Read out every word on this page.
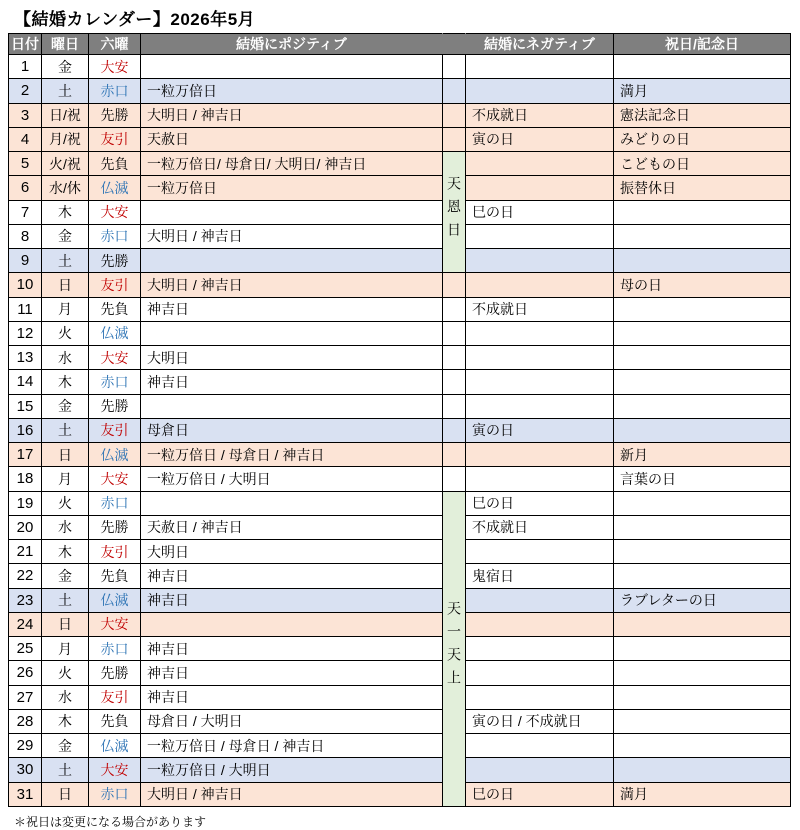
【結婚カレンダー】2026年5月
日付	曜日	六曜	結婚にポジティブ		結婚にネガティブ	祝日/記念日
1	金	大安				
2	土	赤口	一粒万倍日			満月
3	日/祝	先勝	大明日 / 神吉日		不成就日	憲法記念日
4	月/祝	友引	天赦日		寅の日	みどりの日
5	火/祝	先負	一粒万倍日/ 母倉日/ 大明日/ 神吉日	天恩日		こどもの日
6	水/休	仏滅	一粒万倍日			振替休日
7	木	大安			巳の日	
8	金	赤口	大明日 / 神吉日			
9	土	先勝				
10	日	友引	大明日 / 神吉日			母の日
11	月	先負	神吉日		不成就日	
12	火	仏滅				
13	水	大安	大明日			
14	木	赤口	神吉日			
15	金	先勝				
16	土	友引	母倉日		寅の日	
17	日	仏滅	一粒万倍日 / 母倉日 / 神吉日			新月
18	月	大安	一粒万倍日 / 大明日			言葉の日
19	火	赤口		天一天上	巳の日	
20	水	先勝	天赦日 / 神吉日		不成就日	
21	木	友引	大明日			
22	金	先負	神吉日		鬼宿日	
23	土	仏滅	神吉日			ラブレターの日
24	日	大安				
25	月	赤口	神吉日			
26	火	先勝	神吉日			
27	水	友引	神吉日			
28	木	先負	母倉日 / 大明日		寅の日 / 不成就日	
29	金	仏滅	一粒万倍日 / 母倉日 / 神吉日			
30	土	大安	一粒万倍日 / 大明日			
31	日	赤口	大明日 / 神吉日		巳の日	満月
＊祝日は変更になる場合があります
